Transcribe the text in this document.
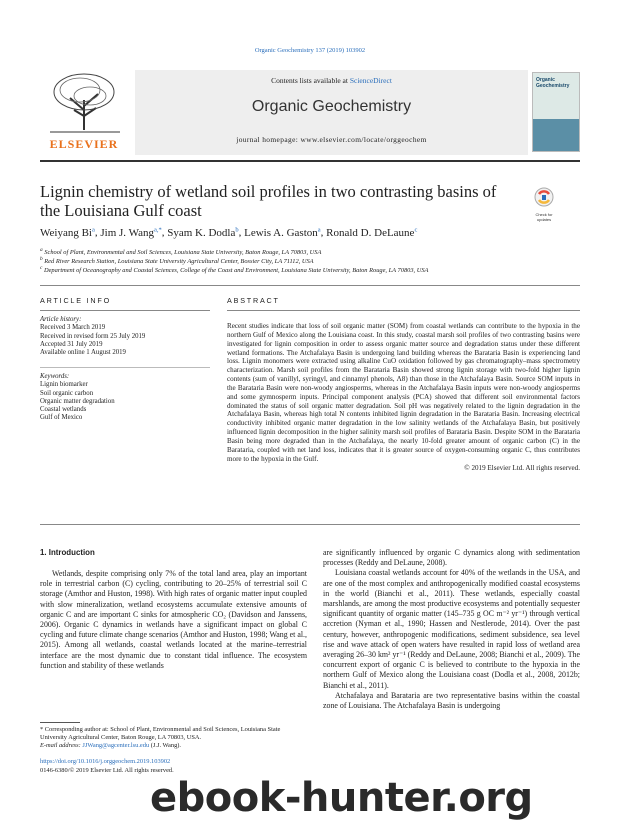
Organic Geochemistry 137 (2019) 103902
ELSEVIER
Contents lists available at ScienceDirect
Organic Geochemistry
journal homepage: www.elsevier.com/locate/orggeochem
Organic Geochemistry
Lignin chemistry of wetland soil profiles in two contrasting basins of the Louisiana Gulf coast	Check for updates
Weiyang Bi$^a$, Jim J. Wang$^{a,*}$, Syam K. Dodla$^b$, Lewis A. Gaston$^a$, Ronald D. DeLaune$^c$
$^a$ School of Plant, Environmental and Soil Sciences, Louisiana State University, Baton Rouge, LA 70803, USA
$^b$ Red River Research Station, Louisiana State University Agricultural Center, Bossier City, LA 71112, USA
$^c$ Department of Oceanography and Coastal Sciences, College of the Coast and Environment, Louisiana State University, Baton Rouge, LA 70803, USA
ARTICLE INFO	ABSTRACT
Article history:
Received 3 March 2019
Received in revised form 25 July 2019
Accepted 31 July 2019
Available online 1 August 2019
Keywords:
Lignin biomarker
Soil organic carbon
Organic matter degradation
Coastal wetlands
Gulf of Mexico
Recent studies indicate that loss of soil organic matter (SOM) from coastal wetlands can contribute to the hypoxia in the northern Gulf of Mexico along the Louisiana coast. In this study, coastal marsh soil profiles of two contrasting basins were investigated for lignin composition in order to assess organic matter source and degradation status under these different wetland formations. The Atchafalaya Basin is undergoing land building whereas the Barataria Basin is experiencing land loss. Lignin monomers were extracted using alkaline CuO oxidation followed by gas chromatography–mass spectrometry characterization. Marsh soil profiles from the Barataria Basin showed strong lignin storage with two-fold higher lignin contents (sum of vanillyl, syringyl, and cinnamyl phenols, Λ8) than those in the Atchafalaya Basin. Source SOM inputs in the Barataria Basin were non-woody angiosperms, whereas in the Atchafalaya Basin inputs were non-woody angiosperms and some gymnosperm inputs. Principal component analysis (PCA) showed that different soil environmental factors dominated the status of soil organic matter degradation. Soil pH was negatively related to the lignin degradation in the Atchafalaya Basin, whereas high total N contents inhibited lignin degradation in the Barataria Basin. Increasing electrical conductivity inhibited organic matter degradation in the low salinity wetlands of the Atchafalaya Basin, but positively influenced lignin decomposition in the higher salinity marsh soil profiles of Barataria Basin. Despite SOM in the Barataria Basin being more degraded than in the Atchafalaya, the nearly 10-fold greater amount of organic carbon (C) in the Barataria, coupled with net land loss, indicates that it is greater source of oxygen-consuming organic C, thus contributes more to the hypoxia in the Gulf.
© 2019 Elsevier Ltd. All rights reserved.
1. Introduction

Wetlands, despite comprising only 7% of the total land area, play an important role in terrestrial carbon (C) cycling, contributing to 20–25% of terrestrial soil C storage (Amthor and Huston, 1998). With high rates of organic matter input coupled with slow mineralization, wetland ecosystems accumulate extensive amounts of organic C and are important C sinks for atmospheric CO₂ (Davidson and Janssens, 2006). Organic C dynamics in wetlands have a significant impact on global C cycling and future climate change scenarios (Amthor and Huston, 1998; Wang et al., 2015). Among all wetlands, coastal wetlands located at the marine–terrestrial interface are the most dynamic due to constant tidal influence. The ecosystem function and stability of these wetlands

are significantly influenced by organic C dynamics along with sedimentation processes (Reddy and DeLaune, 2008).

Louisiana coastal wetlands account for 40% of the wetlands in the USA, and are one of the most complex and anthropogenically modified coastal ecosystems in the world (Bianchi et al., 2011). These wetlands, especially coastal marshlands, are among the most productive ecosystems and potentially sequester significant quantity of organic matter (145–735 g OC m⁻² yr⁻¹) through vertical accretion (Nyman et al., 1990; Hassen and Nestlerode, 2014). Over the past century, however, anthropogenic modifications, sediment subsidence, sea level rise and wave attack of open waters have resulted in rapid loss of wetland area averaging 26–30 km² yr⁻¹ (Reddy and DeLaune, 2008; Bianchi et al., 2009). The concurrent export of organic C is believed to contribute to the hypoxia in the northern Gulf of Mexico along the Louisiana coast (Dodla et al., 2008, 2012b; Bianchi et al., 2011).

Atchafalaya and Barataria are two representative basins within the coastal zone of Louisiana. The Atchafalaya Basin is undergoing

* Corresponding author at: School of Plant, Environmental and Soil Sciences, Louisiana State University Agricultural Center, Baton Rouge, LA 70803, USA.
E-mail address: JJWang@agcenter.lsu.edu (J.J. Wang).
https://doi.org/10.1016/j.orggeochem.2019.103902
0146-6380/© 2019 Elsevier Ltd. All rights reserved.
ebook-hunter.org
